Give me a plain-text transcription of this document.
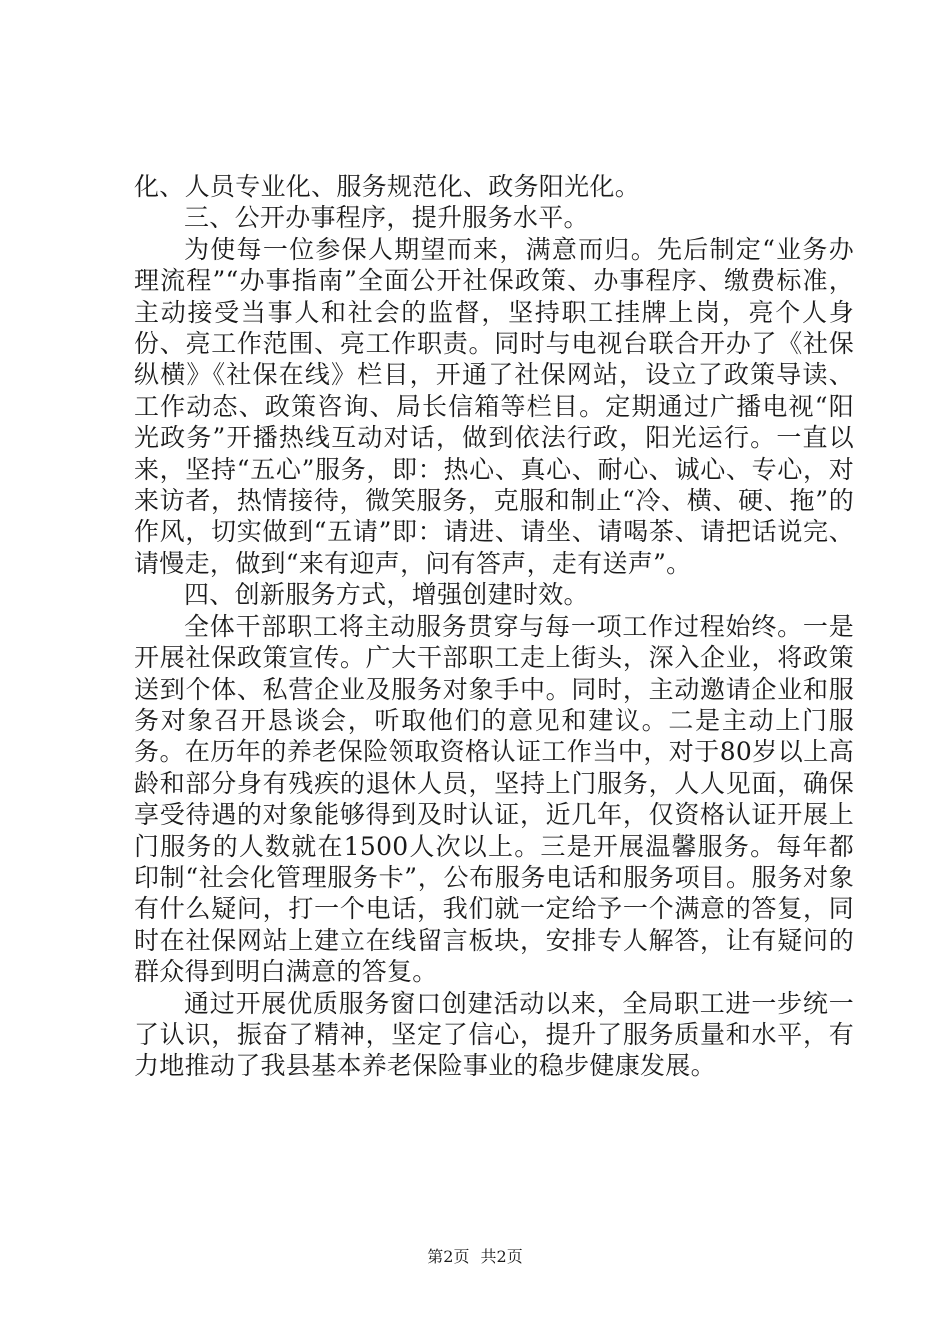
化、人员专业化、服务规范化、政务阳光化。

三、公开办事程序，提升服务水平。

为使每一位参保人期望而来，满意而归。先后制定“业务办理流程”“办事指南”全面公开社保政策、办事程序、缴费标准，主动接受当事人和社会的监督，坚持职工挂牌上岗，亮个人身份、亮工作范围、亮工作职责。同时与电视台联合开办了《社保纵横》《社保在线》栏目，开通了社保网站，设立了政策导读、工作动态、政策咨询、局长信箱等栏目。定期通过广播电视“阳光政务”开播热线互动对话，做到依法行政，阳光运行。一直以来，坚持“五心”服务，即：热心、真心、耐心、诚心、专心，对来访者，热情接待，微笑服务，克服和制止“冷、横、硬、拖”的作风，切实做到“五请”即：请进、请坐、请喝茶、请把话说完、请慢走，做到“来有迎声，问有答声，走有送声”。

四、创新服务方式，增强创建时效。

全体干部职工将主动服务贯穿与每一项工作过程始终。一是开展社保政策宣传。广大干部职工走上街头，深入企业，将政策送到个体、私营企业及服务对象手中。同时，主动邀请企业和服务对象召开恳谈会，听取他们的意见和建议。二是主动上门服务。在历年的养老保险领取资格认证工作当中，对于80岁以上高龄和部分身有残疾的退休人员，坚持上门服务，人人见面，确保享受待遇的对象能够得到及时认证，近几年，仅资格认证开展上门服务的人数就在1500人次以上。三是开展温馨服务。每年都印制“社会化管理服务卡”，公布服务电话和服务项目。服务对象有什么疑问，打一个电话，我们就一定给予一个满意的答复，同时在社保网站上建立在线留言板块，安排专人解答，让有疑问的群众得到明白满意的答复。

通过开展优质服务窗口创建活动以来，全局职工进一步统一了认识，振奋了精神，坚定了信心，提升了服务质量和水平，有力地推动了我县基本养老保险事业的稳步健康发展。

第2页 共2页
